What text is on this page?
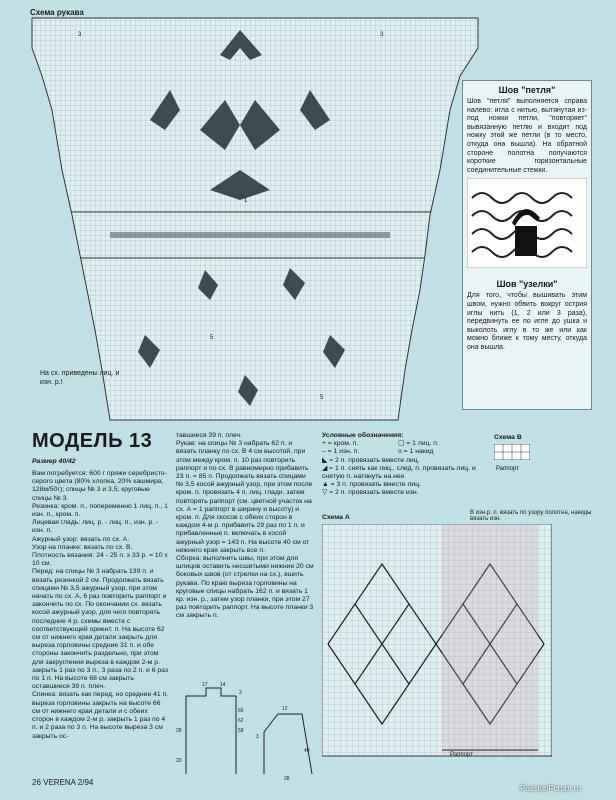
Схема рукава
3	3
1
5
5
На сх. приведены лиц. и изн. р.!
Шов "петля"
Шов "петля" выполняется справа налево: игла с нитью, вытянутая из-под ножки петли, "повторяет" вывязанную петлю и входит под ножку этой же петли (в то место, откуда она вышла). На обратной стороне полотна получаются короткие горизонтальные соединительные стежки.
Шов "узелки"
Для того, чтобы вышивать этим швом, нужно обвить вокруг острия иглы нить (1, 2 или 3 раза), передвинуть ее по игле до ушка и выколоть иглу в то же или как можно ближе к тому месту, откуда она вышла.
МОДЕЛЬ 13
Размер 40/42
Вам потребуется: 600 г пряжи серебристо-серого цвета (80% хлопка, 20% кашмира; 128м/50г); спицы № 3 и 3,5; круговые спицы № 3.
Резинка: кром. п., попеременно 1 лиц. п., 1 изн. п., кром. п.
Лицевая гладь: лиц. р. - лиц. п., изн. р. - изн. п.
Ажурный узор: вязать по сх. А.
Узор на планке: вязать по сх. В.
Плотность вязания: 24 - 25 п. х 33 р. = 10 х 10 см.
Перед: на спицы № 3 набрать 139 п. и вязать резинкой 2 см. Продолжать вязать спицами № 3,5 ажурный узор, при этом начать по сх. А, 6 раз повторить раппорт и закончить по сх. По окончании сх. вязать косой ажурный узор, для чего повторять последние 4 р. схемы вместе с соответствующей ориент. п. На высоте 62 см от нижнего края детали закрыть для выреза горловины средние 31 п. и обе стороны закончить раздельно, при этом для закругления выреза в каждом 2-м р. закрыть 1 раз по 3 п., 3 раза по 2 п. и 6 раз по 1 п. На высоте 68 см закрыть оставшиеся 39 п. плеч.
Спинка: вязать как перед, но средние 41 п. выреза горловины закрыть на высоте 66 см от нижнего края детали и с обеих сторон в каждом 2-м р. закрыть 1 раз по 4 п. и 2 раза по 3 п. На высоте выреза 3 см закрыть ос-
тавшиеся 39 п. плеч.
Рукав: на спицы № 3 набрать 62 п. и вязать планку по сх. В 4 см высотой, при этом между кром. п. 10 раз повторить раппорт и по сх. В равномерно прибавить 23 п. = 85 п. Продолжать вязать спицами № 3,5 косой ажурный узор, при этом после кром. п. провязать 4 п. лиц. глади, затем повторять раппорт (см. цветной участок на сх. А = 1 раппорт в ширину и высоту) и кром. п. Для скосов с обеих сторон в каждом 4-м р. прибавить 29 раз по 1 п. и прибавленные п. включать в косой ажурный узор = 143 п. На высоте 40 см от нижнего края закрыть все п.
Сборка: выполнить швы, при этом для шлицов оставить несшитыми нижние 20 см боковых швов (от стрелки на сх.), вшить рукава. По краю выреза горловины на круговые спицы набрать 162 п. и вязать 1 кр. изн. р., затем узор планки, при этом 27 раз повторить раппорт. На высоте планки 3 см закрыть п.
17 14
3
28
20
66
62
58
12
28
3
40
Условные обозначения:
+ = кром. п.	▢ = 1 лиц. п.
– = 1 изн. п.	o = 1 накид
◣ = 2 п. провязать вместе лиц.
◢ = 1 п. снять как лиц., след. п. провязать лиц. и снятую п. натянуть на нее
▲ = 3 п. провязать вместе лиц.
▽ = 2 п. провязать вместе изн.
Схема B
Раппорт
Схема А
В изн.р. п. вязать по узору полотна, накиды вязать изн.
Раппорт
26 VERENA 2/94
PassionForum.ru
